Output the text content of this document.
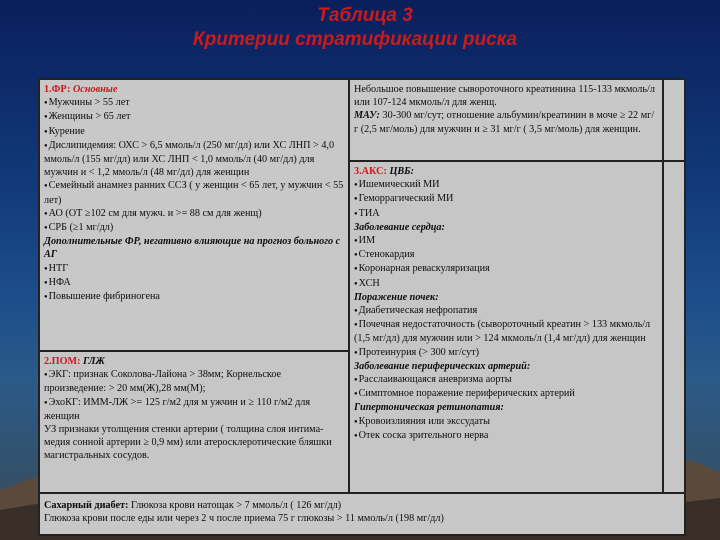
Таблица 3
Критерии стратификации риска

1.ФР: Основные

● Мужчины > 55 лет

● Женщины > 65 лет

● Курение

● Дислипидемия: ОХС > 6,5 ммоль/л (250 мг/дл) или ХС ЛНП > 4,0 ммоль/л (155 мг/дл) или ХС ЛНП < 1,0 ммоль/л (40 мг/дл) для мужчин и < 1,2 ммоль/л (48 мг/дл) для женщин

● Семейный анамнез ранних ССЗ ( у женщин < 65 лет, у мужчин < 55 лет)

● АО (ОТ ≥102 см для мужч. и >= 88 см для женщ)

● СРБ (≥1 мг/дл)

Дополнительные ФР, негативно влияющие на прогноз больного с АГ

● НТГ

● НФА

● Повышение фибриногена

2.ПОМ: ГЛЖ

● ЭКГ: признак Соколова-Лайона > 38мм; Корнельское произведение: > 20 мм(Ж),28 мм(М);

● ЭхоКГ: ИММ-ЛЖ >= 125 г/м2 для м ужчин и ≥ 110 г/м2 для женщин

УЗ признаки утолщения стенки артерии ( толщина слоя интима-медия сонной артерии ≥ 0,9 мм) или атеросклеротические бляшки магистральных сосудов.

Небольшое повышение сывороточного креатинина 115-133 мкмоль/л или 107-124 мкмоль/л для женщ.

МАУ: 30-300 мг/сут; отношение альбумин/креатинин в моче ≥ 22 мг/г (2,5 мг/моль) для мужчин и ≥ 31 мг/г ( 3,5 мг/моль) для женщин.

3.АКС: ЦВБ:

● Ишемический МИ

● Геморрагический МИ

● ТИА

Заболевание сердца:

● ИМ

● Стенокардия

● Коронарная реваскуляризация

● ХСН

Поражение почек:

● Диабетическая нефропатия

● Почечная недостаточность (сывороточный креатин > 133 мкмоль/л (1,5 мг/дл) для мужчин или > 124 мкмоль/л (1,4 мг/дл) для женщин

● Протеинурия (> 300 мг/сут)

Заболевание периферических артерий:

● Расслаивающаяся аневризма аорты

● Симптомное поражение периферических артерий

Гипертоническая ретинопатия:

● Кровоизлияния или экссудаты

● Отек соска зрительного нерва

Сахарный диабет: Глюкоза крови натощак > 7 ммоль/л ( 126 мг/дл)

Глюкоза крови после еды или через 2 ч после приема 75 г глюкозы > 11 ммоль/л (198 мг/дл)
